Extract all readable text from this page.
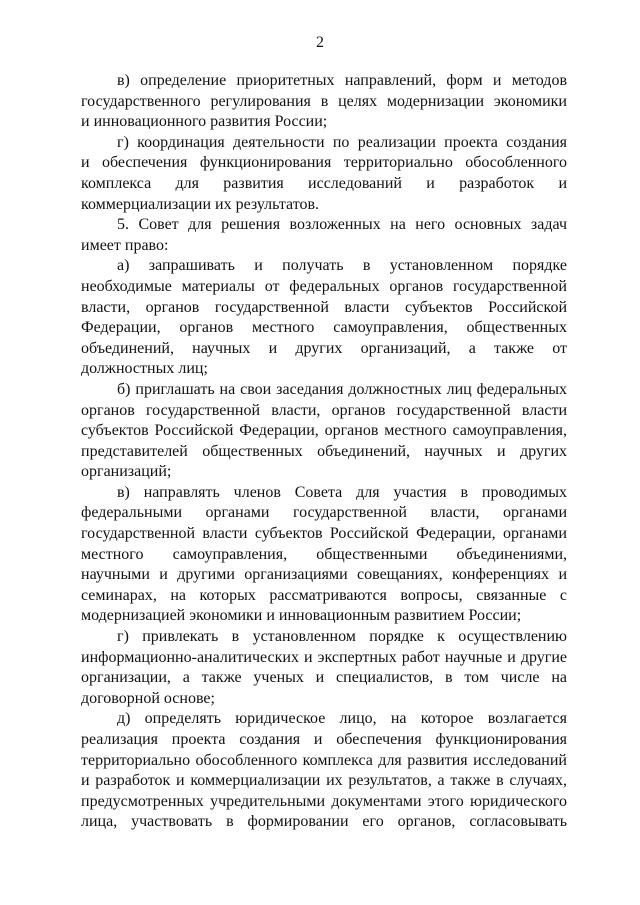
2
в) определение приоритетных направлений, форм и методов
государственного регулирования в целях модернизации экономики
и инновационного развития России;
г) координация деятельности по реализации проекта создания
и обеспечения функционирования территориально обособленного
комплекса для развития исследований и разработок и
коммерциализации их результатов.
5. Совет для решения возложенных на него основных задач
имеет право:
а) запрашивать и получать в установленном порядке
необходимые материалы от федеральных органов государственной
власти, органов государственной власти субъектов Российской
Федерации, органов местного самоуправления, общественных
объединений, научных и других организаций, а также от
должностных лиц;
б) приглашать на свои заседания должностных лиц федеральных
органов государственной власти, органов государственной власти
субъектов Российской Федерации, органов местного самоуправления,
представителей общественных объединений, научных и других
организаций;
в) направлять членов Совета для участия в проводимых
федеральными органами государственной власти, органами
государственной власти субъектов Российской Федерации, органами
местного самоуправления, общественными объединениями,
научными и другими организациями совещаниях, конференциях и
семинарах, на которых рассматриваются вопросы, связанные с
модернизацией экономики и инновационным развитием России;
г) привлекать в установленном порядке к осуществлению
информационно-аналитических и экспертных работ научные и другие
организации, а также ученых и специалистов, в том числе на
договорной основе;
д) определять юридическое лицо, на которое возлагается
реализация проекта создания и обеспечения функционирования
территориально обособленного комплекса для развития исследований
и разработок и коммерциализации их результатов, а также в случаях,
предусмотренных учредительными документами этого юридического
лица, участвовать в формировании его органов, согласовывать
